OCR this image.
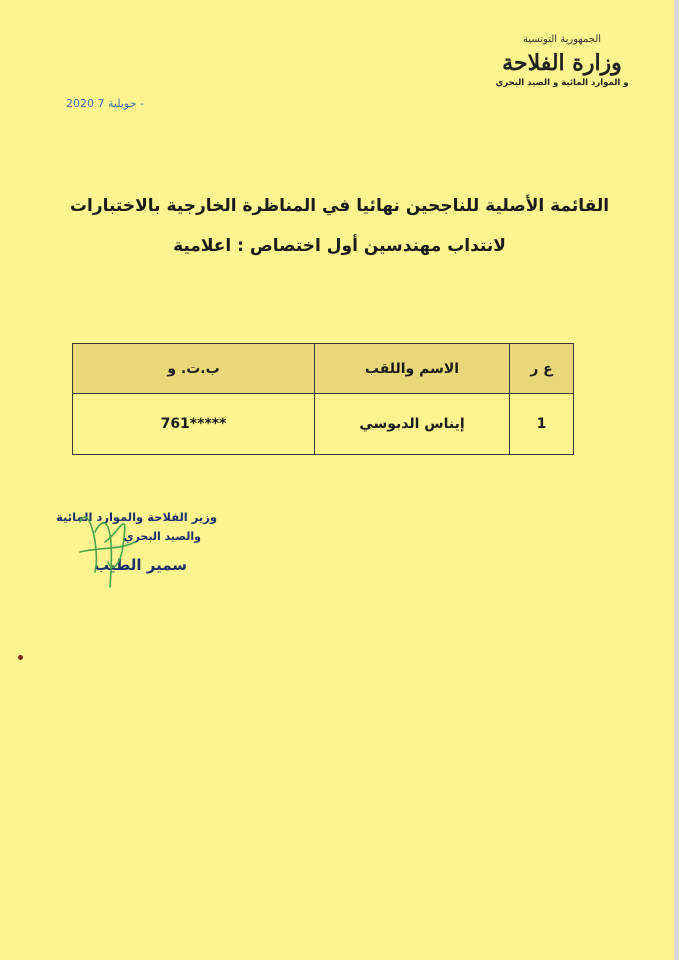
الجمهورية التونسية
وزارة الفلاحة
و الموارد المائية و الصيد البحري
2020 جويلية 7 -
القائمة الأصلية للناجحين نهائيا في المناظرة الخارجية بالاختبارات
لانتداب مهندسين أول اختصاص : اعلامية
ع ر	الاسم واللقب	ب.ت. و
1	إيناس الدبوسي	761*****
وزير الفلاحة والموارد المائية
والصيد البحري
سمير الطيب
